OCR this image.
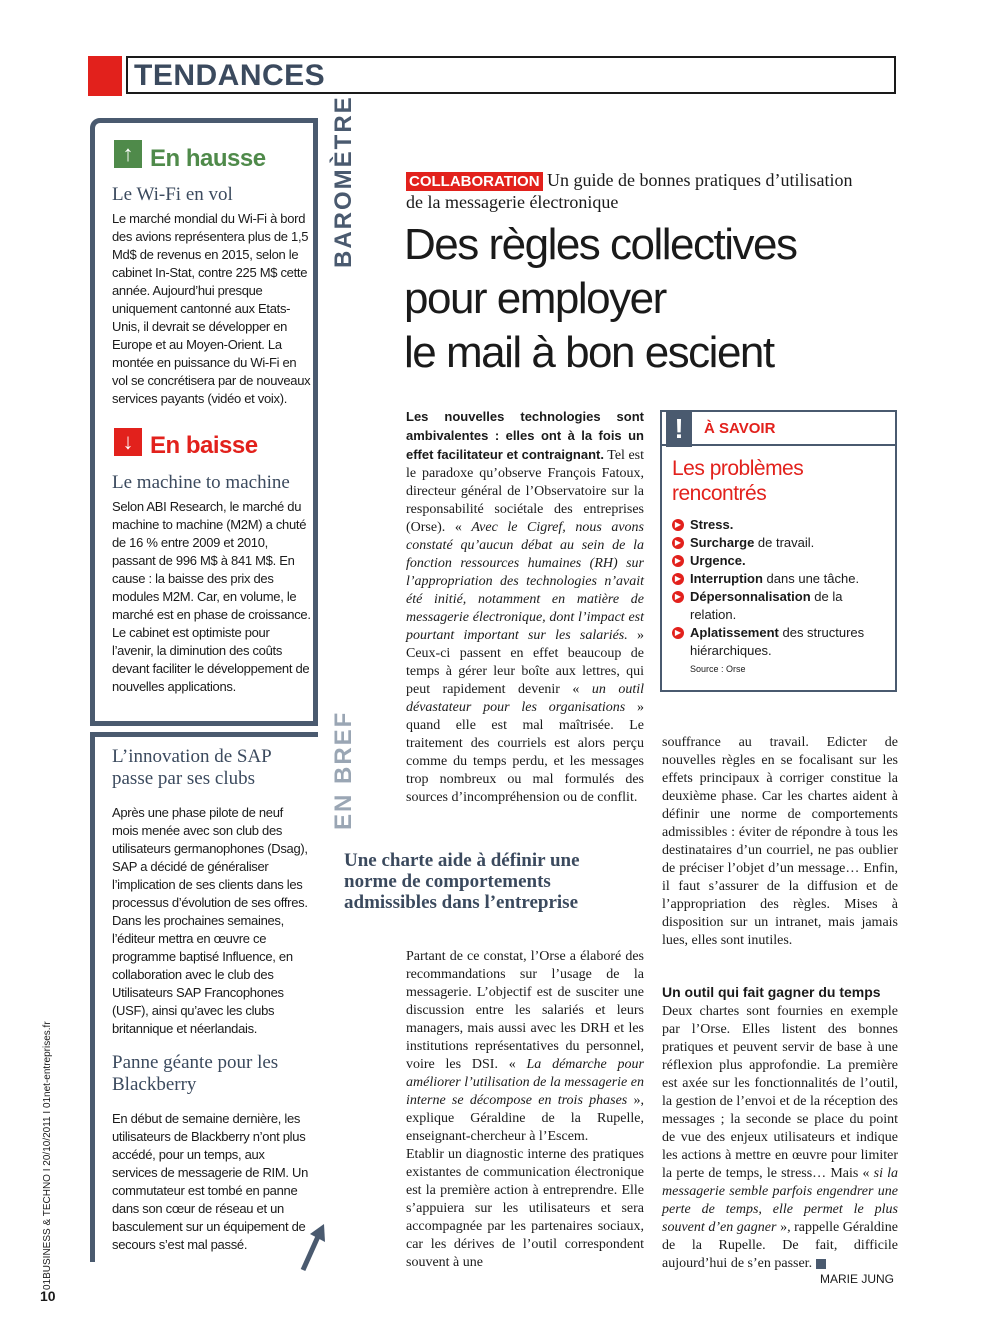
TENDANCES
BAROMÈTRE
EN BREF
↑ En hausse
Le Wi-Fi en vol
Le marché mondial du Wi-Fi à bord des avions représentera plus de 1,5 Md$ de revenus en 2015, selon le cabinet In-Stat, contre 225 M$ cette année. Aujourd’hui presque uniquement cantonné aux Etats-Unis, il devrait se développer en Europe et au Moyen-Orient. La montée en puissance du Wi-Fi en vol se concrétisera par de nouveaux services payants (vidéo et voix).
↓ En baisse
Le machine to machine
Selon ABI Research, le marché du machine to machine (M2M) a chuté de 16 % entre 2009 et 2010, passant de 996 M$ à 841 M$. En cause : la baisse des prix des modules M2M. Car, en volume, le marché est en phase de croissance. Le cabinet est optimiste pour l’avenir, la diminution des coûts devant faciliter le développement de nouvelles applications.
L’innovation de SAP passe par ses clubs
Après une phase pilote de neuf mois menée avec son club des utilisateurs germanophones (Dsag), SAP a décidé de généraliser l’implication de ses clients dans les processus d’évolution de ses offres. Dans les prochaines semaines, l’éditeur mettra en œuvre ce programme baptisé Influence, en collaboration avec le club des Utilisateurs SAP Francophones (USF), ainsi qu’avec les clubs britannique et néerlandais.
Panne géante pour les Blackberry
En début de semaine dernière, les utilisateurs de Blackberry n’ont plus accédé, pour un temps, aux services de messagerie de RIM. Un commutateur est tombé en panne dans son cœur de réseau et un basculement sur un équipement de secours s’est mal passé.
COLLABORATION Un guide de bonnes pratiques d’utilisation de la messagerie électronique
Des règles collectives
pour employer
le mail à bon escient
Les nouvelles technologies sont ambivalentes : elles ont à la fois un effet facilitateur et contraignant. Tel est le paradoxe qu’observe François Fatoux, directeur général de l’Observatoire sur la responsabilité sociétale des entreprises (Orse). « Avec le Cigref, nous avons constaté qu’aucun débat au sein de la fonction ressources humaines (RH) sur l’appropriation des technologies n’avait été initié, notamment en matière de messagerie électronique, dont l’impact est pourtant important sur les salariés. » Ceux-ci passent en effet beaucoup de temps à gérer leur boîte aux lettres, qui peut rapidement devenir « un outil dévastateur pour les organisations » quand elle est mal maîtrisée. Le traitement des courriels est alors perçu comme du temps perdu, et les messages trop nombreux ou mal formulés des sources d’incompréhension ou de conflit.
Une charte aide à définir une norme de comportements admissibles dans l’entreprise
Partant de ce constat, l’Orse a élaboré des recommandations sur l’usage de la messagerie. L’objectif est de susciter une discussion entre les salariés et leurs managers, mais aussi avec les DRH et les institutions représentatives du personnel, voire les DSI. « La démarche pour améliorer l’utilisation de la messagerie en interne se décompose en trois phases », explique Géraldine de la Rupelle, enseignant-chercheur à l’Escem.
Etablir un diagnostic interne des pratiques existantes de communication électronique est la première action à entreprendre. Elle s’appuiera sur les utilisateurs et sera accompagnée par les partenaires sociaux, car les dérives de l’outil correspondent souvent à une
!	À SAVOIR
Les problèmes rencontrés
▶ Stress.
▶ Surcharge de travail.
▶ Urgence.
▶ Interruption dans une tâche.
▶ Dépersonnalisation de la relation.
▶ Aplatissement des structures hiérarchiques.
Source : Orse
souffrance au travail. Edicter de nouvelles règles en se focalisant sur les effets principaux à corriger constitue la deuxième phase. Car les chartes aident à définir une norme de comportements admissibles : éviter de répondre à tous les destinataires d’un courriel, ne pas oublier de préciser l’objet d’un message… Enfin, il faut s’assurer de la diffusion et de l’appropriation des règles. Mises à disposition sur un intranet, mais jamais lues, elles sont inutiles.
Un outil qui fait gagner du temps
Deux chartes sont fournies en exemple par l’Orse. Elles listent des bonnes pratiques et peuvent servir de base à une réflexion plus approfondie. La première est axée sur les fonctionnalités de l’outil, la gestion de l’envoi et de la réception des messages ; la seconde se place du point de vue des enjeux utilisateurs et indique les actions à mettre en œuvre pour limiter la perte de temps, le stress… Mais « si la messagerie semble parfois engendrer une perte de temps, elle permet le plus souvent d’en gagner », rappelle Géraldine de la Rupelle. De fait, difficile aujourd’hui de s’en passer.
MARIE JUNG
01BUSINESS & TECHNO I 20/10/2011 I 01net-entreprises.fr
10
